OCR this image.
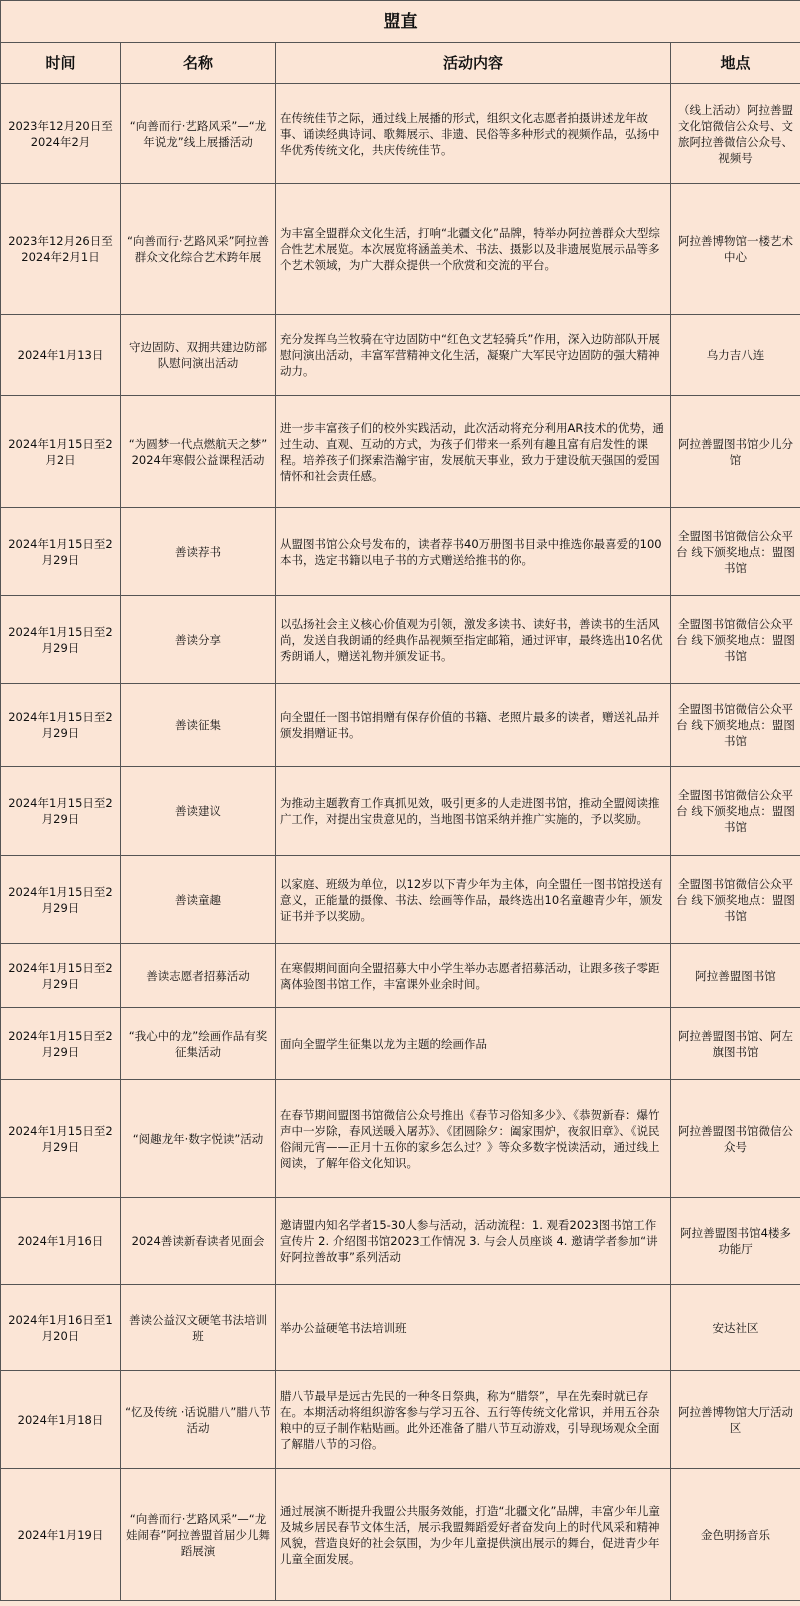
盟直			
时间	名称	活动内容	地点
2023年12月20日至2024年2月	“向善而行·艺路风采”—“龙年说龙”线上展播活动	在传统佳节之际，通过线上展播的形式，组织文化志愿者拍摄讲述龙年故事、诵读经典诗词、歌舞展示、非遗、民俗等多种形式的视频作品，弘扬中华优秀传统文化，共庆传统佳节。	（线上活动）阿拉善盟文化馆微信公众号、文旅阿拉善微信公众号、视频号
2023年12月26日至2024年2月1日	“向善而行·艺路风采”阿拉善群众文化综合艺术跨年展	为丰富全盟群众文化生活，打响“北疆文化”品牌，特举办阿拉善群众大型综合性艺术展览。本次展览将涵盖美术、书法、摄影以及非遗展览展示品等多个艺术领域，为广大群众提供一个欣赏和交流的平台。	阿拉善博物馆一楼艺术中心
2024年1月13日	守边固防、双拥共建边防部队慰问演出活动	充分发挥乌兰牧骑在守边固防中“红色文艺轻骑兵”作用，深入边防部队开展慰问演出活动，丰富军营精神文化生活，凝聚广大军民守边固防的强大精神动力。	乌力吉八连
2024年1月15日至2月2日	“为圆梦一代点燃航天之梦” 2024年寒假公益课程活动	进一步丰富孩子们的校外实践活动，此次活动将充分利用AR技术的优势，通过生动、直观、互动的方式，为孩子们带来一系列有趣且富有启发性的课程。培养孩子们探索浩瀚宇宙，发展航天事业，致力于建设航天强国的爱国情怀和社会责任感。	阿拉善盟图书馆少儿分馆
2024年1月15日至2月29日	善读荐书	从盟图书馆公众号发布的，读者荐书40万册图书目录中推选你最喜爱的100本书，选定书籍以电子书的方式赠送给推书的你。	全盟图书馆微信公众平台 线下颁奖地点：盟图书馆
2024年1月15日至2月29日	善读分享	以弘扬社会主义核心价值观为引领，激发多读书、读好书，善读书的生活风尚，发送自我朗诵的经典作品视频至指定邮箱，通过评审，最终选出10名优秀朗诵人，赠送礼物并颁发证书。	全盟图书馆微信公众平台 线下颁奖地点：盟图书馆
2024年1月15日至2月29日	善读征集	向全盟任一图书馆捐赠有保存价值的书籍、老照片最多的读者，赠送礼品并颁发捐赠证书。	全盟图书馆微信公众平台 线下颁奖地点：盟图书馆
2024年1月15日至2月29日	善读建议	为推动主题教育工作真抓见效，吸引更多的人走进图书馆，推动全盟阅读推广工作，对提出宝贵意见的，当地图书馆采纳并推广实施的，予以奖励。	全盟图书馆微信公众平台 线下颁奖地点：盟图书馆
2024年1月15日至2月29日	善读童趣	以家庭、班级为单位，以12岁以下青少年为主体，向全盟任一图书馆投送有意义，正能量的摄像、书法、绘画等作品，最终选出10名童趣青少年，颁发证书并予以奖励。	全盟图书馆微信公众平台 线下颁奖地点：盟图书馆
2024年1月15日至2月29日	善读志愿者招募活动	在寒假期间面向全盟招募大中小学生举办志愿者招募活动，让跟多孩子零距离体验图书馆工作，丰富课外业余时间。	阿拉善盟图书馆
2024年1月15日至2月29日	“我心中的龙”绘画作品有奖征集活动	面向全盟学生征集以龙为主题的绘画作品	阿拉善盟图书馆、阿左旗图书馆
2024年1月15日至2月29日	“阅趣龙年·数字悦读”活动	在春节期间盟图书馆微信公众号推出《春节习俗知多少》、《恭贺新春：爆竹声中一岁除，春风送暖入屠苏》、《团圆除夕：阖家围炉，夜叙旧章》、《说民俗闹元宵——正月十五你的家乡怎么过？》等众多数字悦读活动，通过线上阅读，了解年俗文化知识。	阿拉善盟图书馆微信公众号
2024年1月16日	2024善读新春读者见面会	邀请盟内知名学者15-30人参与活动，活动流程：1. 观看2023图书馆工作宣传片 2. 介绍图书馆2023工作情况 3. 与会人员座谈 4. 邀请学者参加“讲好阿拉善故事”系列活动	阿拉善盟图书馆4楼多功能厅
2024年1月16日至1月20日	善读公益汉文硬笔书法培训班	举办公益硬笔书法培训班	安达社区
2024年1月18日	“忆及传统 ·话说腊八”腊八节活动	腊八节最早是远古先民的一种冬日祭典，称为“腊祭”，早在先秦时就已存在。本期活动将组织游客参与学习五谷、五行等传统文化常识，并用五谷杂粮中的豆子制作粘贴画。此外还准备了腊八节互动游戏，引导现场观众全面了解腊八节的习俗。	阿拉善博物馆大厅活动区
2024年1月19日	“向善而行·艺路风采”—“龙娃闹春”阿拉善盟首届少儿舞蹈展演	通过展演不断提升我盟公共服务效能，打造“北疆文化”品牌，丰富少年儿童及城乡居民春节文体生活，展示我盟舞蹈爱好者奋发向上的时代风采和精神风貌，营造良好的社会氛围，为少年儿童提供演出展示的舞台，促进青少年儿童全面发展。	金色明扬音乐
